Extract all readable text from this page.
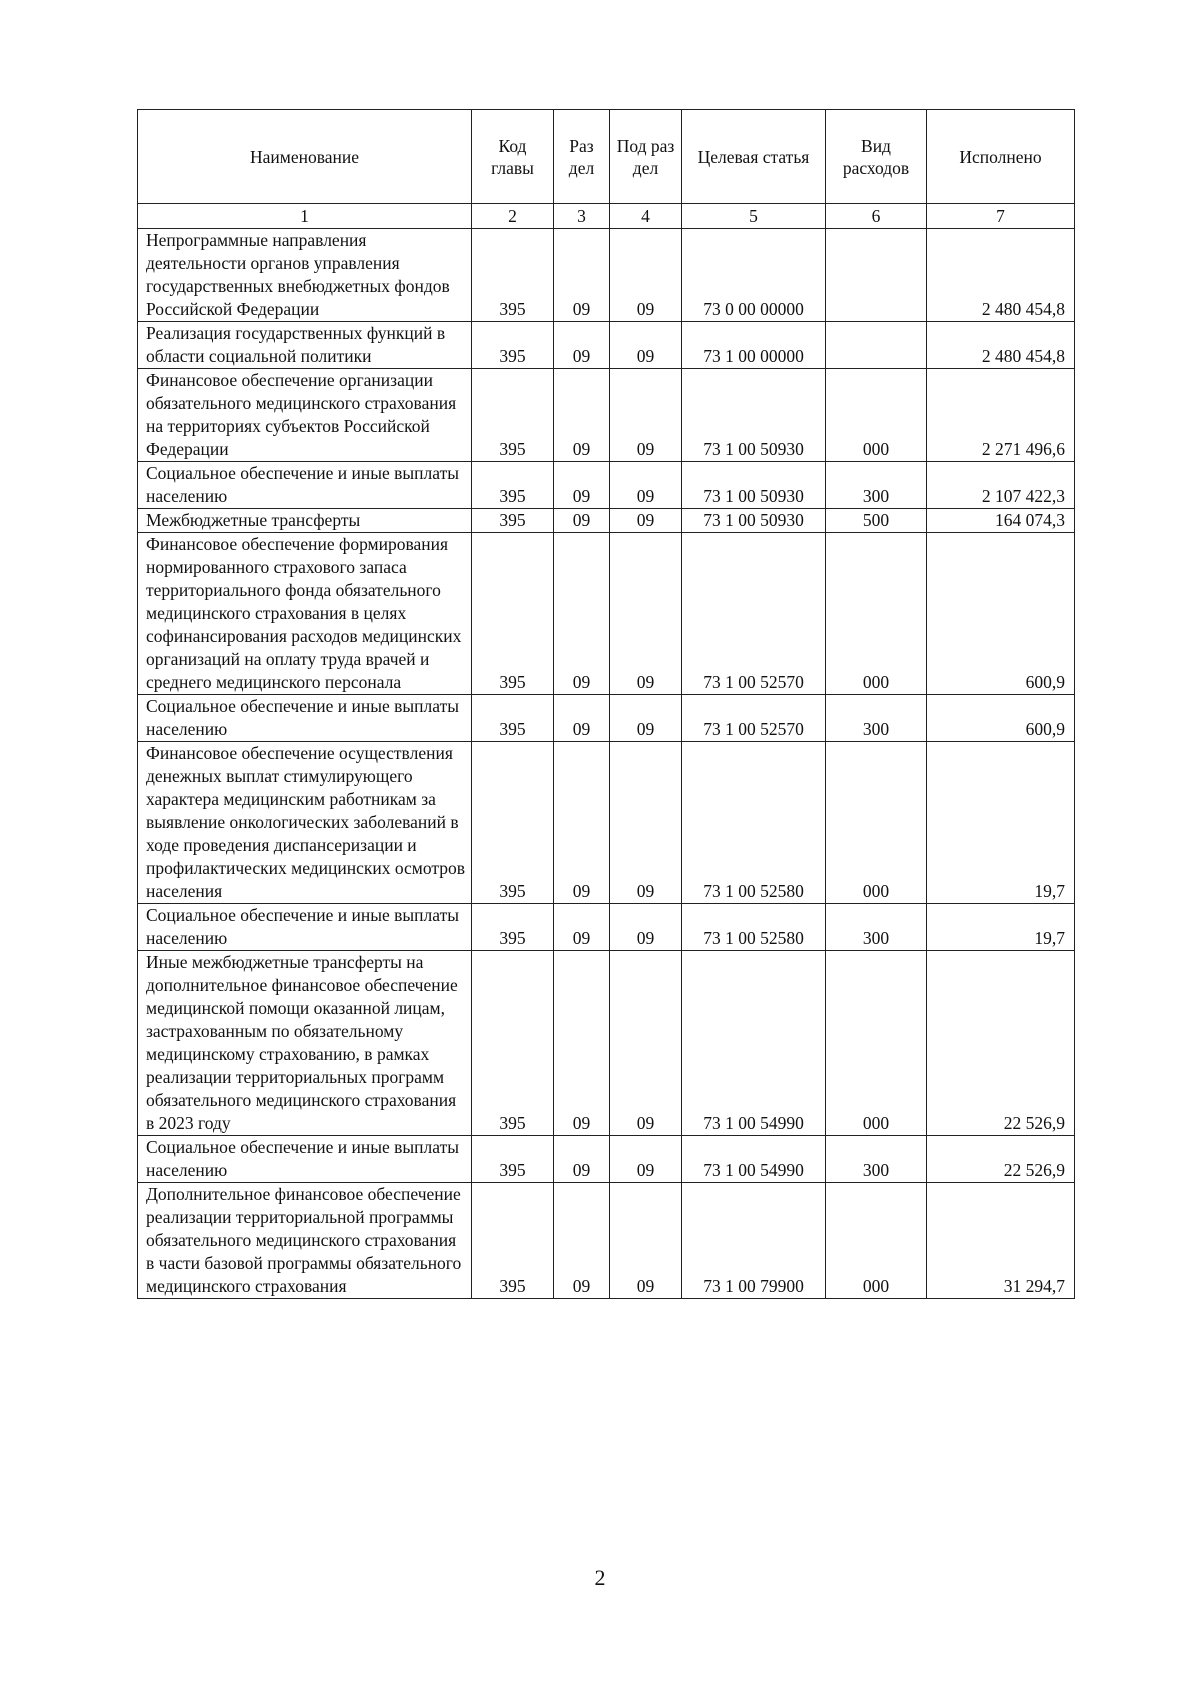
Наименование	Код главы	Раз дел	Под раз дел	Целевая статья	Вид расходов	Исполнено
1	2	3	4	5	6	7
Непрограммные направления деятельности органов управления государственных внебюджетных фондов Российской Федерации	395	09	09	73 0 00 00000		2 480 454,8
Реализация государственных функций в области социальной политики	395	09	09	73 1 00 00000		2 480 454,8
Финансовое обеспечение организации обязательного медицинского страхования на территориях субъектов Российской Федерации	395	09	09	73 1 00 50930	000	2 271 496,6
Социальное обеспечение и иные выплаты населению	395	09	09	73 1 00 50930	300	2 107 422,3
Межбюджетные трансферты	395	09	09	73 1 00 50930	500	164 074,3
Финансовое обеспечение формирования нормированного страхового запаса территориального фонда обязательного медицинского страхования в целях софинансирования расходов медицинских организаций на оплату труда врачей и среднего медицинского персонала	395	09	09	73 1 00 52570	000	600,9
Социальное обеспечение и иные выплаты населению	395	09	09	73 1 00 52570	300	600,9
Финансовое обеспечение осуществления денежных выплат стимулирующего характера медицинским работникам за выявление онкологических заболеваний в ходе проведения диспансеризации и профилактических медицинских осмотров населения	395	09	09	73 1 00 52580	000	19,7
Социальное обеспечение и иные выплаты населению	395	09	09	73 1 00 52580	300	19,7
Иные межбюджетные трансферты на дополнительное финансовое обеспечение медицинской помощи оказанной лицам, застрахованным по обязательному медицинскому страхованию, в рамках реализации территориальных программ обязательного медицинского страхования в 2023 году	395	09	09	73 1 00 54990	000	22 526,9
Социальное обеспечение и иные выплаты населению	395	09	09	73 1 00 54990	300	22 526,9
Дополнительное финансовое обеспечение реализации территориальной программы обязательного медицинского страхования в части базовой программы обязательного медицинского страхования	395	09	09	73 1 00 79900	000	31 294,7
2
